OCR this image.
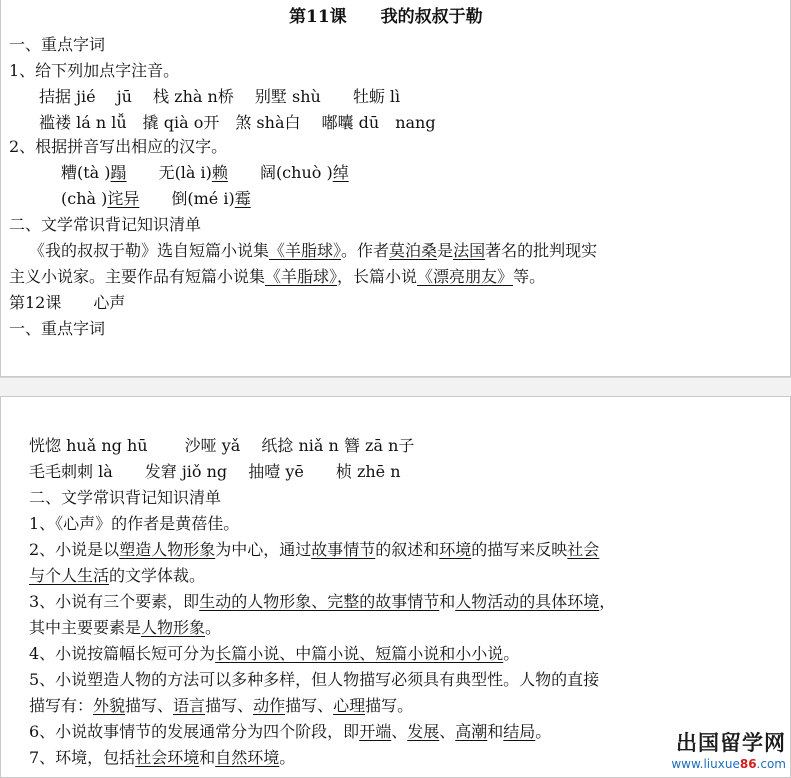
第11课　　我的叔叔于勒
一、重点字词
1、给下列加点字注音。
拮据 jié　 jū　 栈 zhà n桥　 别墅 shù　　牡蛎 lì
褴褛 lá n lǚ　撬 qià o开　煞 shà白　 嘟囔 dū　nang
2、根据拼音写出相应的汉字。
糟(tà )蹋　　无(là i)赖　　阔(chuò )绰
(chà )诧异　　倒(mé i)霉
二、文学常识背记知识清单
《我的叔叔于勒》选自短篇小说集《羊脂球》。作者莫泊桑是法国著名的批判现实
主义小说家。主要作品有短篇小说集《羊脂球》，长篇小说《漂亮朋友》等。
第12课　　心声
一、重点字词
恍惚 huǎ ng hū　　 沙哑 yǎ　 纸捻 niǎ n 簪 zā n子
毛毛刺刺 là　　发窘 jiǒ ng　 抽噎 yē　　桢 zhē n
二、文学常识背记知识清单
1、《心声》的作者是黄蓓佳。
2、小说是以塑造人物形象为中心，通过故事情节的叙述和环境的描写来反映社会
与个人生活的文学体裁。
3、小说有三个要素，即生动的人物形象、完整的故事情节和人物活动的具体环境，
其中主要要素是人物形象。
4、小说按篇幅长短可分为长篇小说、中篇小说、短篇小说和小小说。
5、小说塑造人物的方法可以多种多样，但人物描写必须具有典型性。人物的直接
描写有：外貌描写、语言描写、动作描写、心理描写。
6、小说故事情节的发展通常分为四个阶段，即开端、发展、高潮和结局。
7、环境，包括社会环境和自然环境。
出国留学网
www.liuxue86.com
